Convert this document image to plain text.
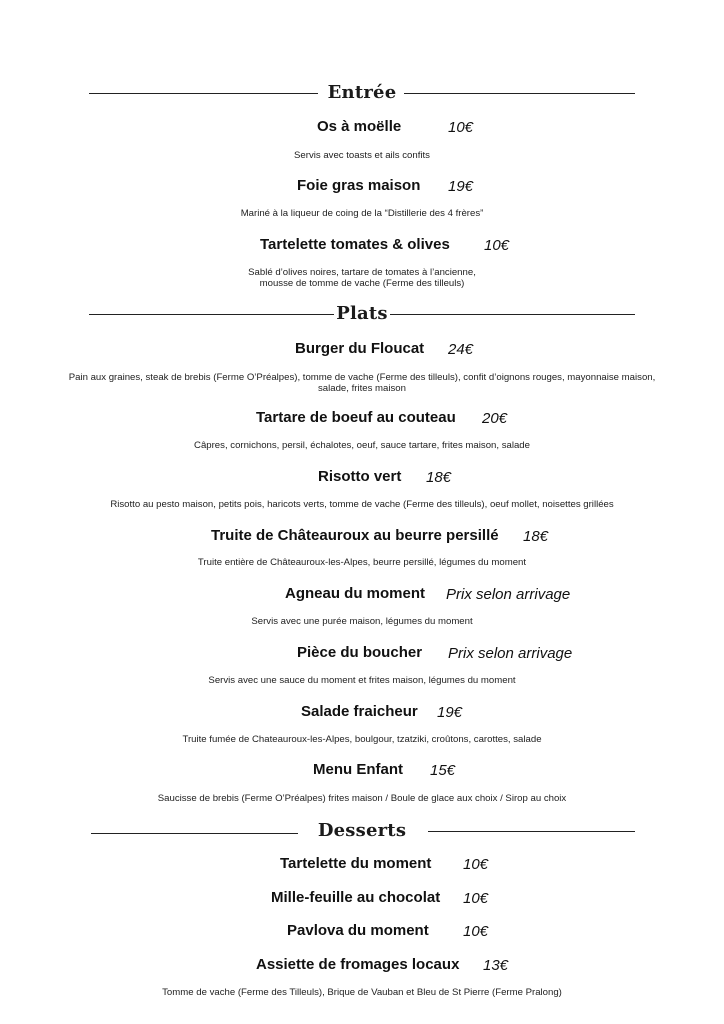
Entrée
Os à moëlle	10€
Servis avec toasts et ails confits
Foie gras maison 19€
Mariné à la liqueur de coing de la “Distillerie des 4 frères”
Tartelette tomates & olives 10€
Sablé d’olives noires, tartare de tomates à l’ancienne,
mousse de tomme de vache (Ferme des tilleuls)
Plats
Burger du Floucat 24€
Pain aux graines, steak de brebis (Ferme O’Préalpes), tomme de vache (Ferme des tilleuls), confit d’oignons rouges, mayonnaise maison,
salade, frites maison
Tartare de boeuf au couteau 20€
Câpres, cornichons, persil, échalotes, oeuf, sauce tartare, frites maison, salade
Risotto vert 18€
Risotto au pesto maison, petits pois, haricots verts, tomme de vache (Ferme des tilleuls), oeuf mollet, noisettes grillées
Truite de Châteauroux au beurre persillé 18€
Truite entière de Châteauroux-les-Alpes, beurre persillé, légumes du moment
Agneau du moment Prix selon arrivage
Servis avec une purée maison, légumes du moment
Pièce du boucher Prix selon arrivage
Servis avec une sauce du moment et frites maison, légumes du moment
Salade fraicheur 19€
Truite fumée de Chateauroux-les-Alpes, boulgour, tzatziki, croûtons, carottes, salade
Menu Enfant 15€
Saucisse de brebis (Ferme O’Préalpes) frites maison / Boule de glace aux choix / Sirop au choix
Desserts
Tartelette du moment 10€
Mille-feuille au chocolat 10€
Pavlova du moment 10€
Assiette de fromages locaux 13€
Tomme de vache (Ferme des Tilleuls), Brique de Vauban et Bleu de St Pierre (Ferme Pralong)
